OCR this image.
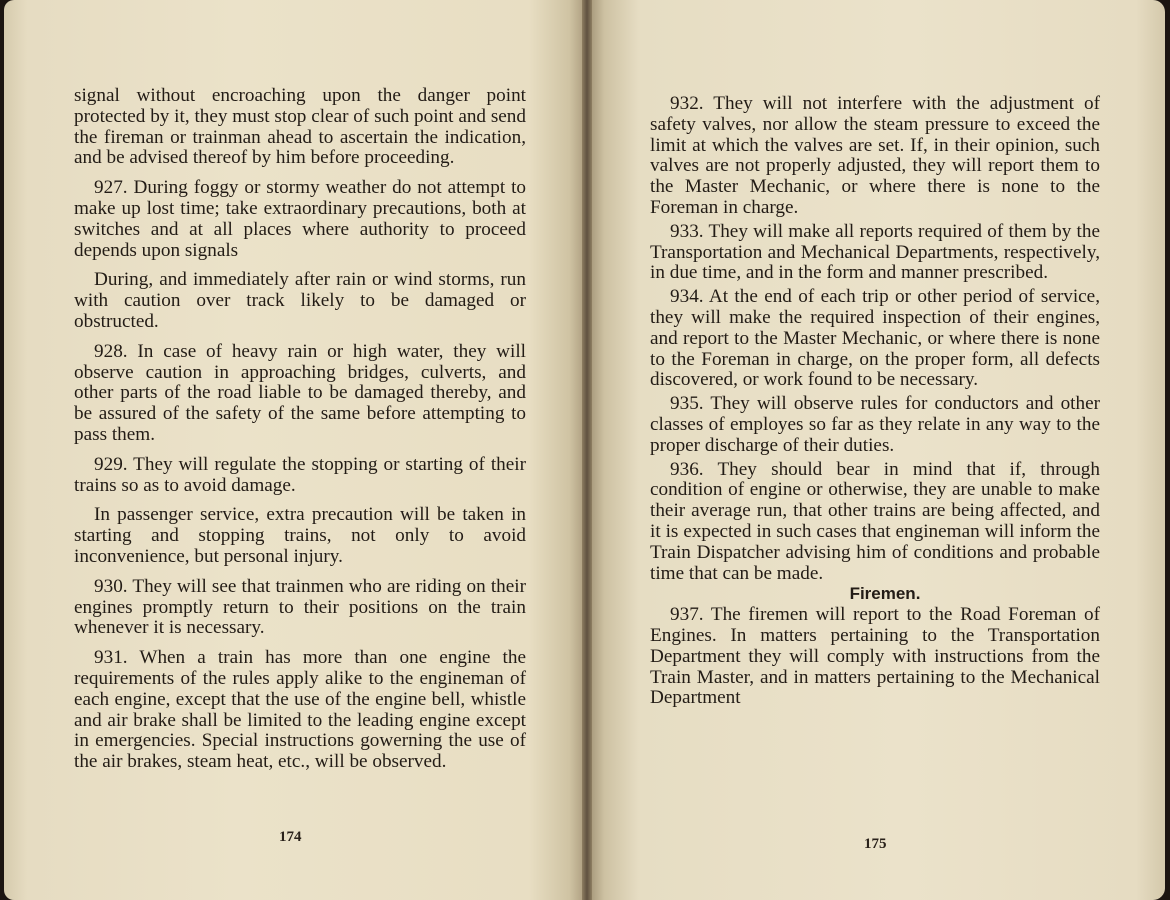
signal without encroaching upon the danger point protected by it, they must stop clear of such point and send the fireman or trainman ahead to ascertain the indication, and be advised thereof by him before proceeding.

927. During foggy or stormy weather do not attempt to make up lost time; take extraordinary precautions, both at switches and at all places where authority to proceed depends upon signals

During, and immediately after rain or wind storms, run with caution over track likely to be damaged or obstructed.

928. In case of heavy rain or high water, they will observe caution in approaching bridges, culverts, and other parts of the road liable to be damaged thereby, and be assured of the safety of the same before attempting to pass them.

929. They will regulate the stopping or starting of their trains so as to avoid damage.

In passenger service, extra precaution will be taken in starting and stopping trains, not only to avoid inconvenience, but personal injury.

930. They will see that trainmen who are riding on their engines promptly return to their positions on the train whenever it is necessary.

931. When a train has more than one engine the requirements of the rules apply alike to the engineman of each engine, except that the use of the engine bell, whistle and air brake shall be limited to the leading engine except in emergencies. Special instructions gowerning the use of the air brakes, steam heat, etc., will be observed.

174

932. They will not interfere with the adjustment of safety valves, nor allow the steam pressure to exceed the limit at which the valves are set. If, in their opinion, such valves are not properly adjusted, they will report them to the Master Mechanic, or where there is none to the Foreman in charge.

933. They will make all reports required of them by the Transportation and Mechanical Departments, respectively, in due time, and in the form and manner prescribed.

934. At the end of each trip or other period of service, they will make the required inspection of their engines, and report to the Master Mechanic, or where there is none to the Foreman in charge, on the proper form, all defects discovered, or work found to be necessary.

935. They will observe rules for conductors and other classes of employes so far as they relate in any way to the proper discharge of their duties.

936. They should bear in mind that if, through condition of engine or otherwise, they are unable to make their average run, that other trains are being affected, and it is expected in such cases that engineman will inform the Train Dispatcher advising him of conditions and probable time that can be made.

Firemen.

937. The firemen will report to the Road Foreman of Engines. In matters pertaining to the Transportation Department they will comply with instructions from the Train Master, and in matters pertaining to the Mechanical Department

175
